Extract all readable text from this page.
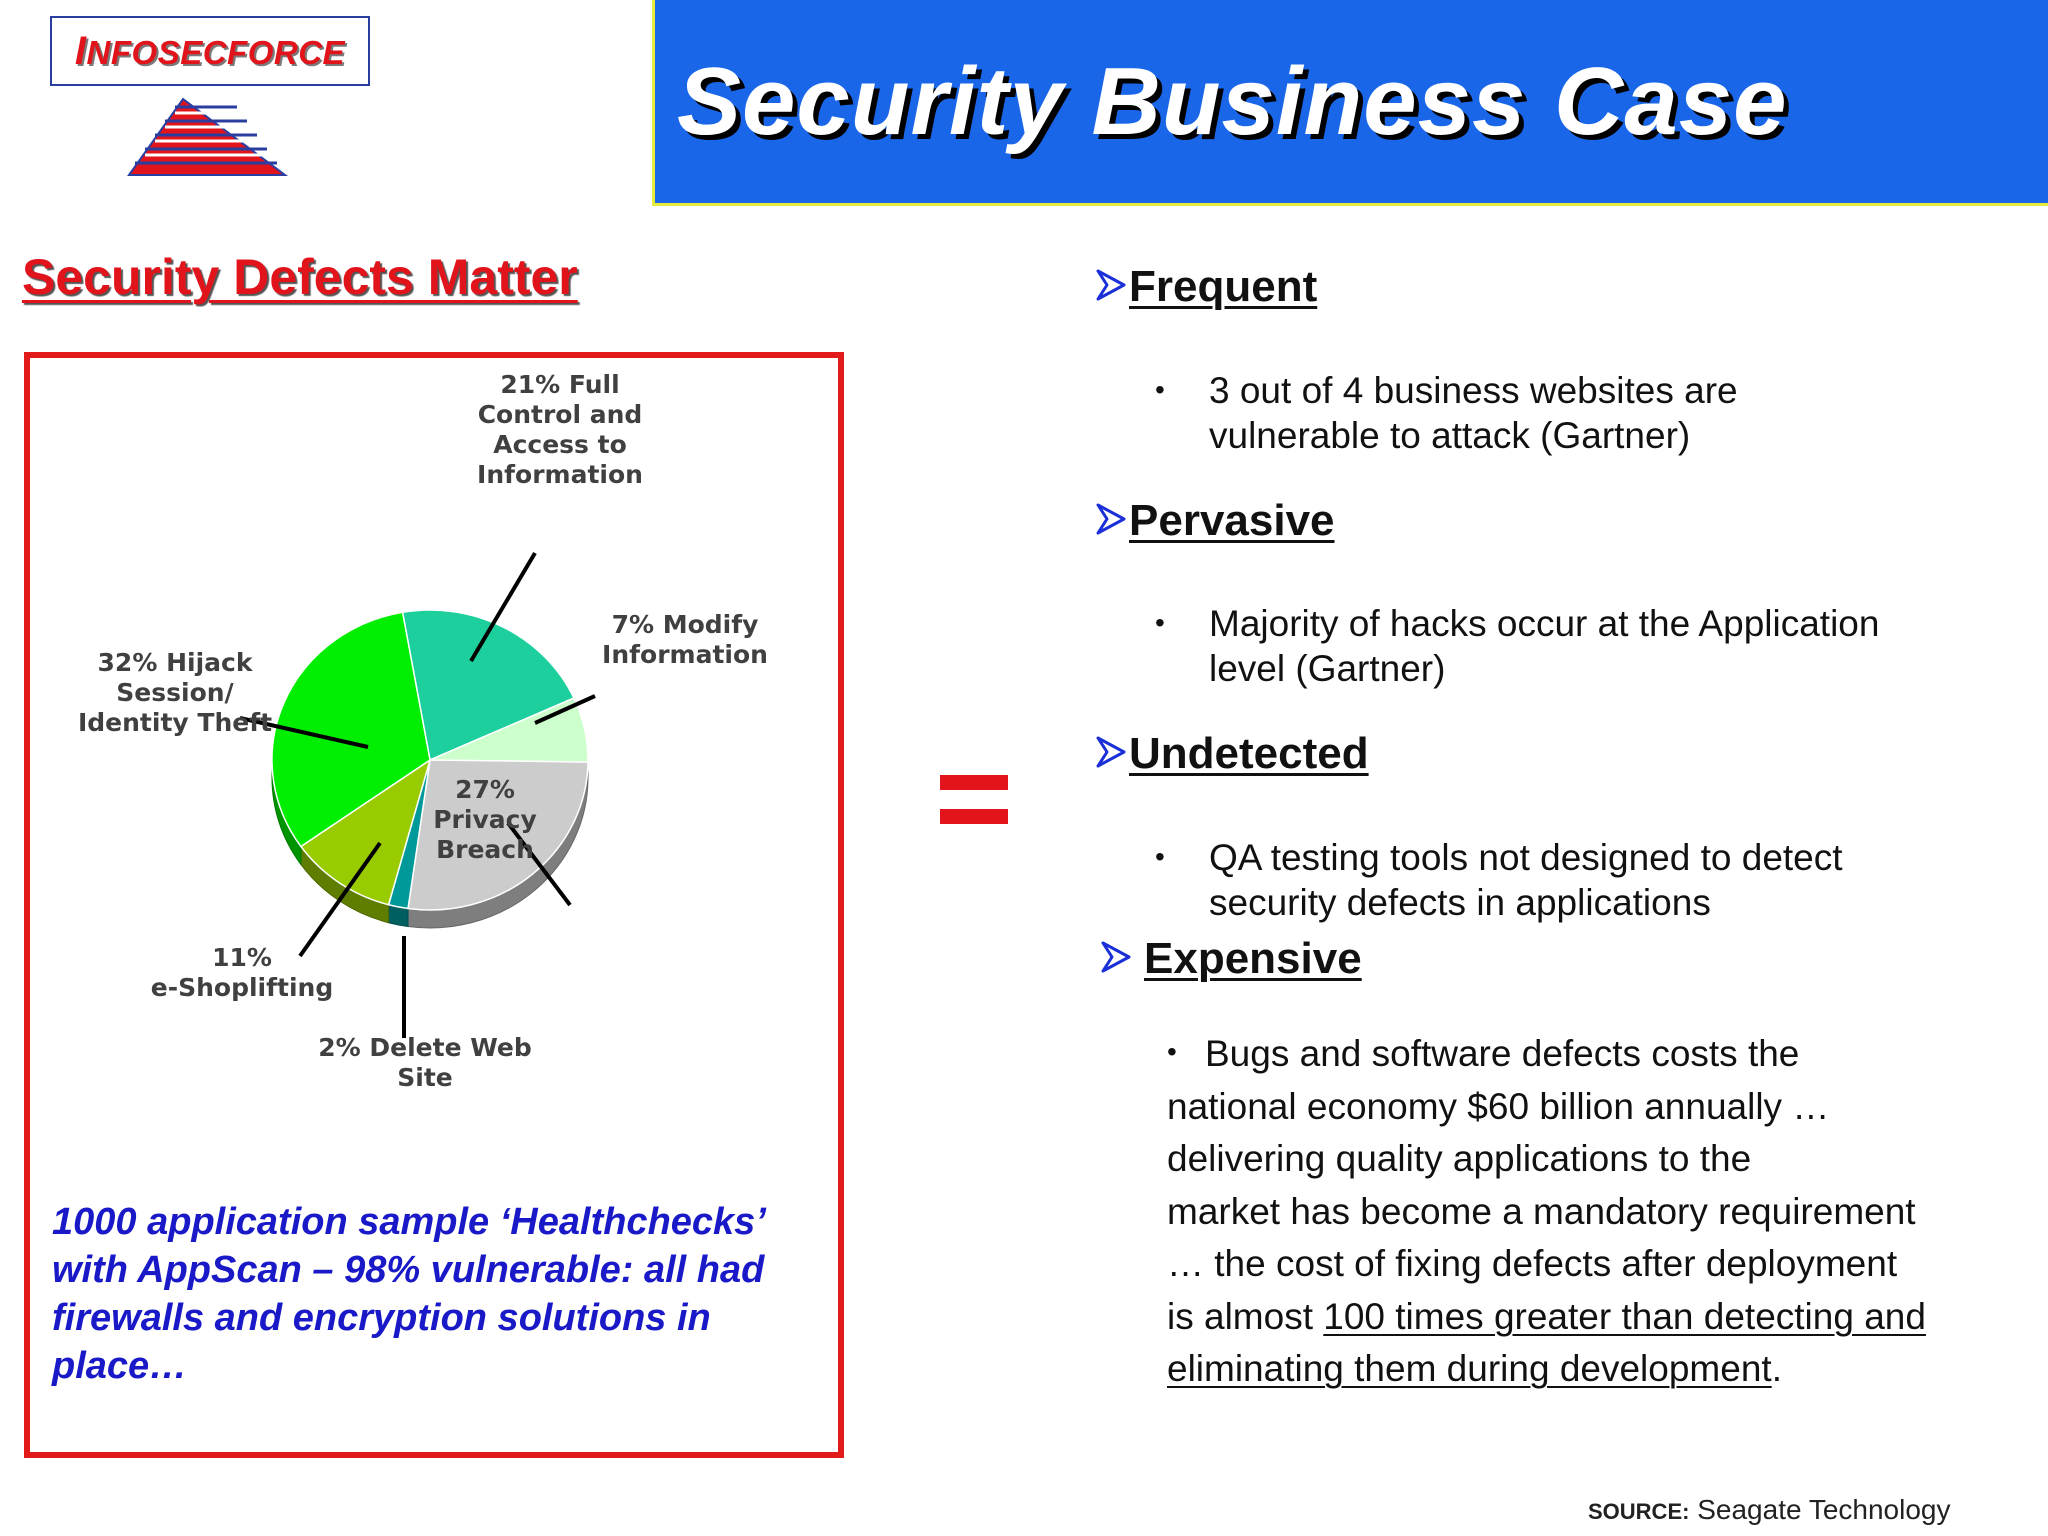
INFOSECFORCE	Security Business Case
Security Defects Matter
21% Full Control and Access to Information
7% Modify Information
27% Privacy Breach
2% Delete Web Site
11% e-Shoplifting
32% Hijack Session/ Identity Theft
1000 application sample ‘Healthchecks’ with AppScan – 98% vulnerable: all had firewalls and encryption solutions in place…
Frequent
• 3 out of 4 business websites are
vulnerable to attack (Gartner)
Pervasive
• Majority of hacks occur at the Application
level (Gartner)
Undetected
• QA testing tools not designed to detect
security defects in applications
Expensive
• Bugs and software defects costs the
national economy $60 billion annually …
delivering quality applications to the
market has become a mandatory requirement
… the cost of fixing defects after deployment
is almost 100 times greater than detecting and
eliminating them during development.
SOURCE: Seagate Technology
